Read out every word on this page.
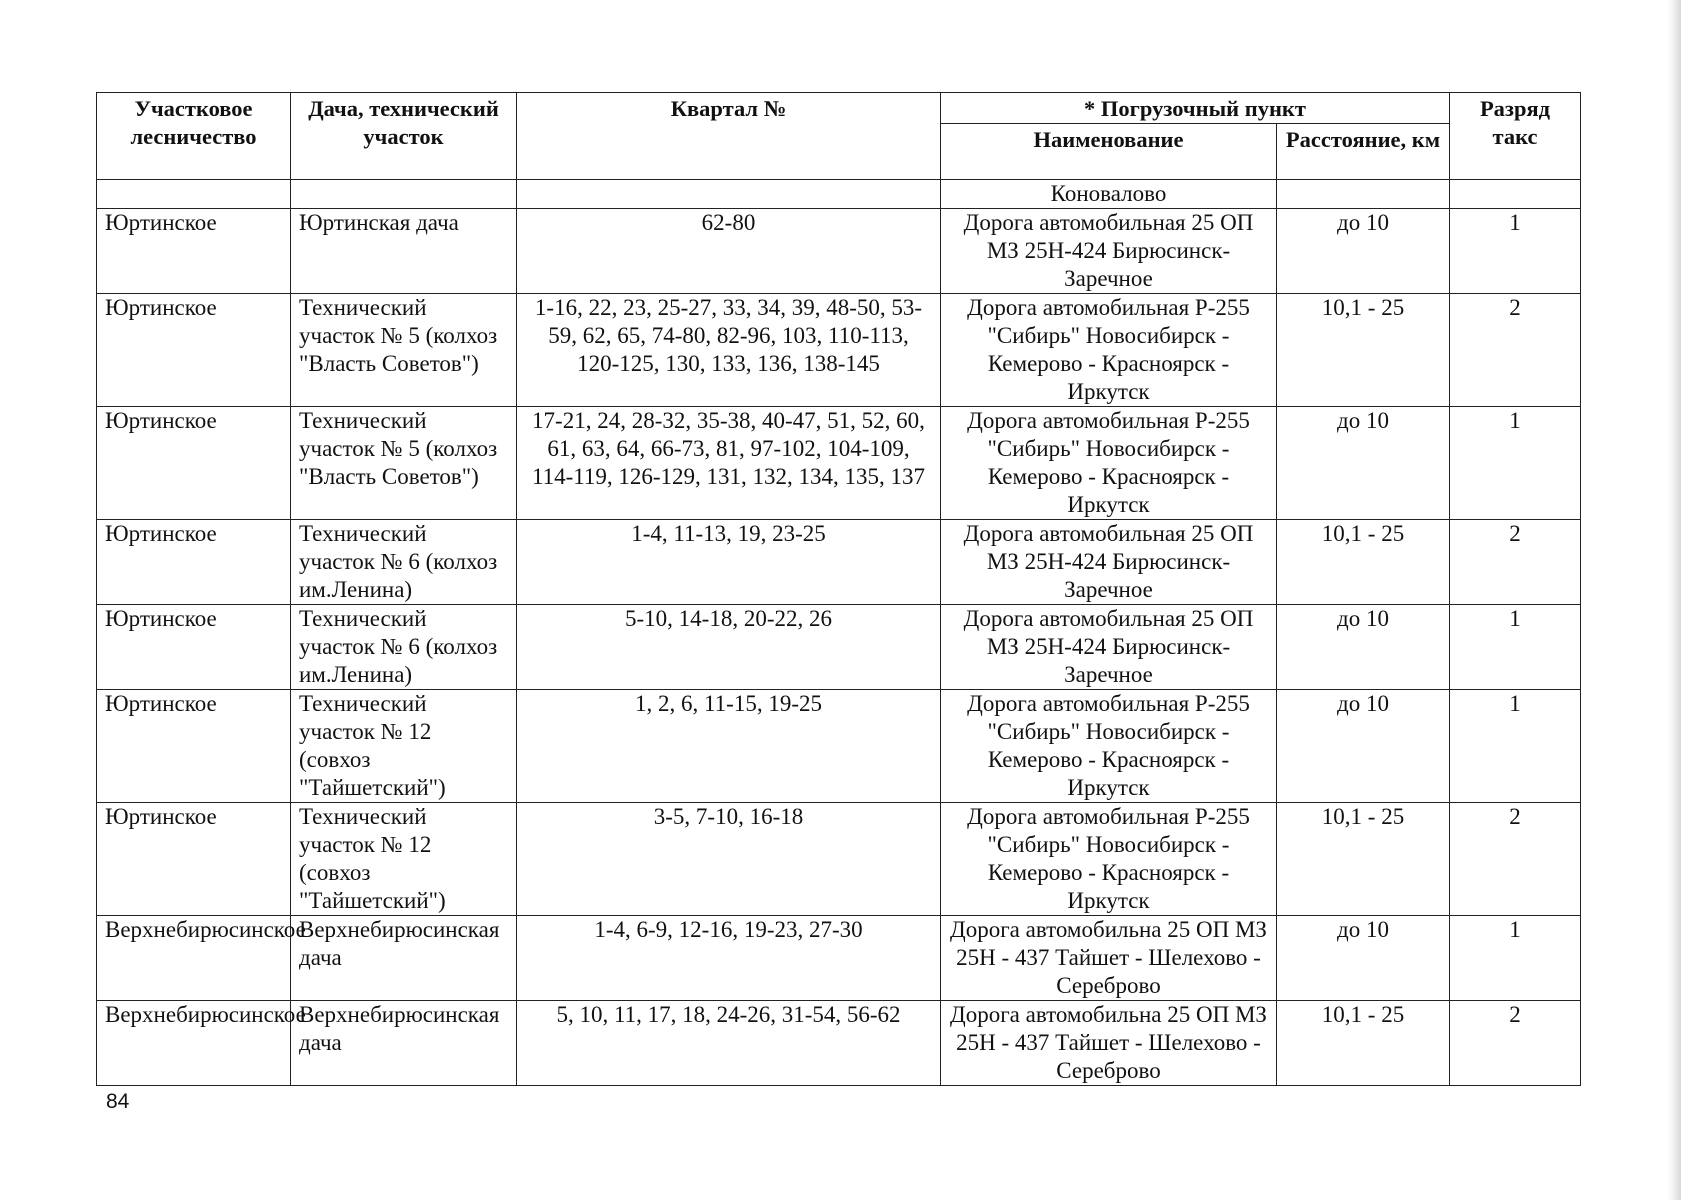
Участковое лесничество	Дача, технический участок	Квартал №	* Погрузочный пункт		Разряд такс
			Наименование	Расстояние, км	
			Коновалово		
Юртинское	Юртинская дача	62-80	Дорога автомобильная 25 ОП МЗ 25Н-424 Бирюсинск-Заречное	до 10	1
Юртинское	Технический участок № 5 (колхоз "Власть Советов")	1-16, 22, 23, 25-27, 33, 34, 39, 48-50, 53-59, 62, 65, 74-80, 82-96, 103, 110-113, 120-125, 130, 133, 136, 138-145	Дорога автомобильная Р-255 "Сибирь" Новосибирск - Кемерово - Красноярск - Иркутск	10,1 - 25	2
Юртинское	Технический участок № 5 (колхоз "Власть Советов")	17-21, 24, 28-32, 35-38, 40-47, 51, 52, 60, 61, 63, 64, 66-73, 81, 97-102, 104-109, 114-119, 126-129, 131, 132, 134, 135, 137	Дорога автомобильная Р-255 "Сибирь" Новосибирск - Кемерово - Красноярск - Иркутск	до 10	1
Юртинское	Технический участок № 6 (колхоз им.Ленина)	1-4, 11-13, 19, 23-25	Дорога автомобильная 25 ОП МЗ 25Н-424 Бирюсинск-Заречное	10,1 - 25	2
Юртинское	Технический участок № 6 (колхоз им.Ленина)	5-10, 14-18, 20-22, 26	Дорога автомобильная 25 ОП МЗ 25Н-424 Бирюсинск-Заречное	до 10	1
Юртинское	Технический участок № 12 (совхоз "Тайшетский")	1, 2, 6, 11-15, 19-25	Дорога автомобильная Р-255 "Сибирь" Новосибирск - Кемерово - Красноярск - Иркутск	до 10	1
Юртинское	Технический участок № 12 (совхоз "Тайшетский")	3-5, 7-10, 16-18	Дорога автомобильная Р-255 "Сибирь" Новосибирск - Кемерово - Красноярск - Иркутск	10,1 - 25	2
Верхнебирюсинское	Верхнебирюсинская дача	1-4, 6-9, 12-16, 19-23, 27-30	Дорога автомобильна 25 ОП МЗ 25Н - 437 Тайшет - Шелехово - Сереброво	до 10	1
Верхнебирюсинское	Верхнебирюсинская дача	5, 10, 11, 17, 18, 24-26, 31-54, 56-62	Дорога автомобильна 25 ОП МЗ 25Н - 437 Тайшет - Шелехово - Сереброво	10,1 - 25	2
84
